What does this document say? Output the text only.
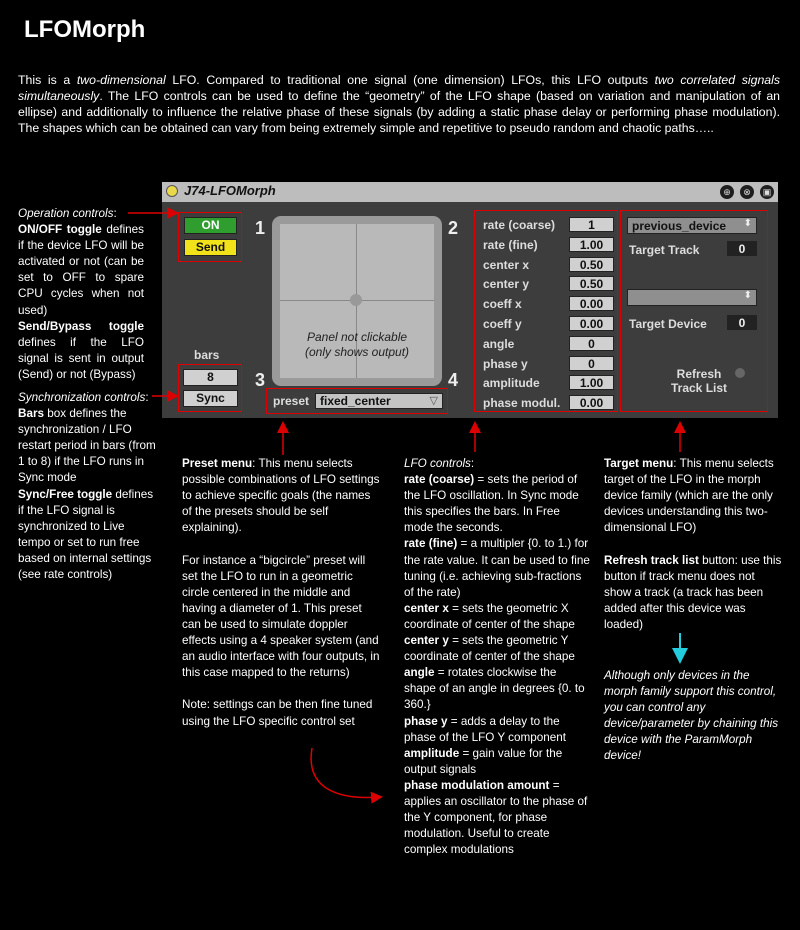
LFOMorph
This is a two-dimensional LFO. Compared to traditional one signal (one dimension) LFOs, this LFO outputs two correlated signals simultaneously. The LFO controls can be used to define the “geometry” of the LFO shape (based on variation and manipulation of an ellipse) and additionally to influence the relative phase of these signals (by adding a static phase delay or performing phase modulation). The shapes which can be obtained can vary from being extremely simple and repetitive to pseudo random and chaotic paths…..

Operation controls:

ON/OFF toggle defines if the device LFO will be activated or not (can be set to OFF to spare CPU cycles when not used)

Send/Bypass toggle defines if the LFO signal is sent in output (Send) or not (Bypass)

Synchronization controls:

Bars box defines the synchronization / LFO restart period in bars (from 1 to 8) if the LFO runs in Sync mode

Sync/Free toggle defines if the LFO signal is synchronized to Live tempo or set to run free based on internal settings (see rate controls)

J74-LFOMorph	⊕	⊗	▣
ON
Send
bars
8
Sync
1	2
3	4
Panel not clickable
(only shows output)
preset fixed_center	▽
rate (coarse)	1
rate (fine)	1.00
center x	0.50
center y	0.50
coeff x	0.00
coeff y	0.00
angle	0
phase y	0
amplitude	1.00
phase modul.	0.00
previous_device ⬍
Target Track	0
⬍
Target Device	0
Refresh
Track List

Preset menu: This menu selects possible combinations of LFO settings to achieve specific goals (the names of the presets should be self explaining).

For instance a “bigcircle” preset will set the LFO to run in a geometric circle centered in the middle and having a diameter of 1. This preset can be used to simulate doppler effects using a 4 speaker system (and an audio interface with four outputs, in this case mapped to the returns)

Note: settings can be then fine tuned using the LFO specific control set

LFO controls:

rate (coarse) = sets the period of the LFO oscillation. In Sync mode this specifies the bars. In Free mode the seconds.

rate (fine) = a multipler {0. to 1.) for the rate value. It can be used to fine tuning (i.e. achieving sub-fractions of the rate)

center x = sets the geometric X coordinate of center of the shape

center y = sets the geometric Y coordinate of center of the shape

angle = rotates clockwise the shape of an angle in degrees {0. to 360.}

phase y = adds a delay to the phase of the LFO Y component

amplitude = gain value for the output signals

phase modulation amount = applies an oscillator to the phase of the Y component, for phase modulation. Useful to create complex modulations

Target menu: This menu selects target of the LFO in the morph device family (which are the only devices understanding this two-dimensional LFO)

Refresh track list button: use this button if track menu does not show a track (a track has been added after this device was loaded)

Although only devices in the morph family support this control, you can control any device/parameter by chaining this device with the ParamMorph device!
